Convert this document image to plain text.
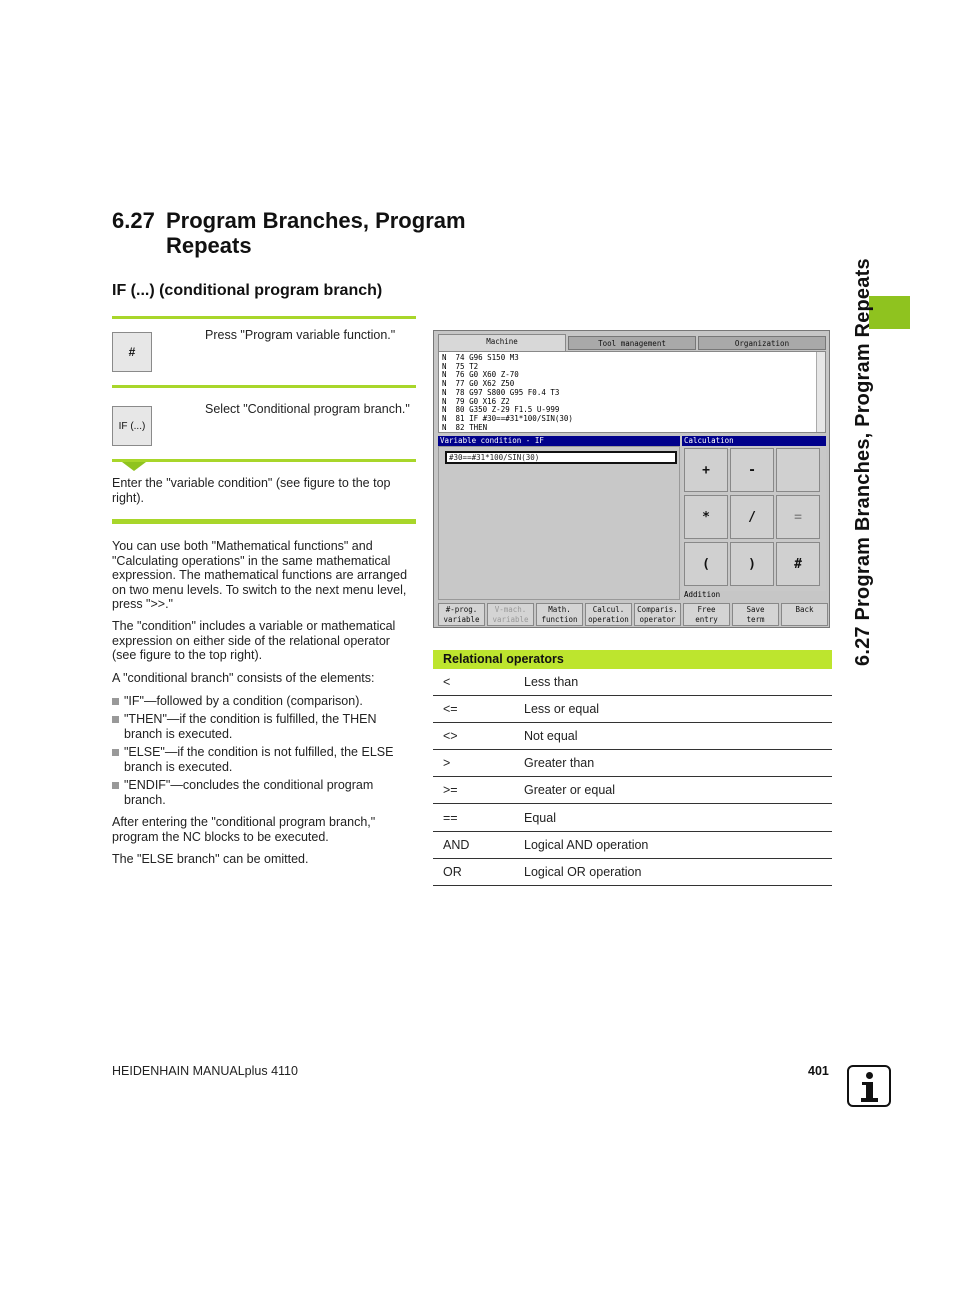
6.27 Program Branches, Program
Repeats
6.27 Program Branches, Program Repeats
IF (...) (conditional program branch)
#
Press "Program variable function."
IF (...)
Select "Conditional program branch."

Enter the "variable condition" (see figure to the top right).

You can use both "Mathematical functions" and "Calculating operations" in the same mathematical expression. The mathematical functions are arranged on two menu levels. To switch to the next menu level, press ">>."
The "condition" includes a variable or mathematical expression on either side of the relational operator (see figure to the top right).
A "conditional branch" consists of the elements:
"IF"—followed by a condition (comparison).
"THEN"—if the condition is fulfilled, the THEN branch is executed.
"ELSE"—if the condition is not fulfilled, the ELSE branch is executed.
"ENDIF"—concludes the conditional program branch.
After entering the "conditional program branch," program the NC blocks to be executed.
The "ELSE branch" can be omitted.
Machine	Tool management	Organization
N  74 G96 S150 M3
N  75 T2
N  76 G0 X60 Z-70
N  77 G0 X62 Z50
N  78 G97 S800 G95 F0.4 T3
N  79 G0 X16 Z2
N  80 G350 Z-29 F1.5 U-999
N  81 IF #30==#31*100/SIN(30)
N  82 THEN
Variable condition - IF	Calculation
#30==#31*100/SIN(30)
+	-
*	/	=
(	)	#
Addition
#-prog.
variable
V-mach.
variable
Math.
function
Calcul.
operation
Comparis.
operator
Free
entry
Save
term
Back
Relational operators
<	Less than
<=	Less or equal
<>	Not equal
>	Greater than
>=	Greater or equal
==	Equal
AND	Logical AND operation
OR	Logical OR operation
HEIDENHAIN MANUALplus 4110	401
